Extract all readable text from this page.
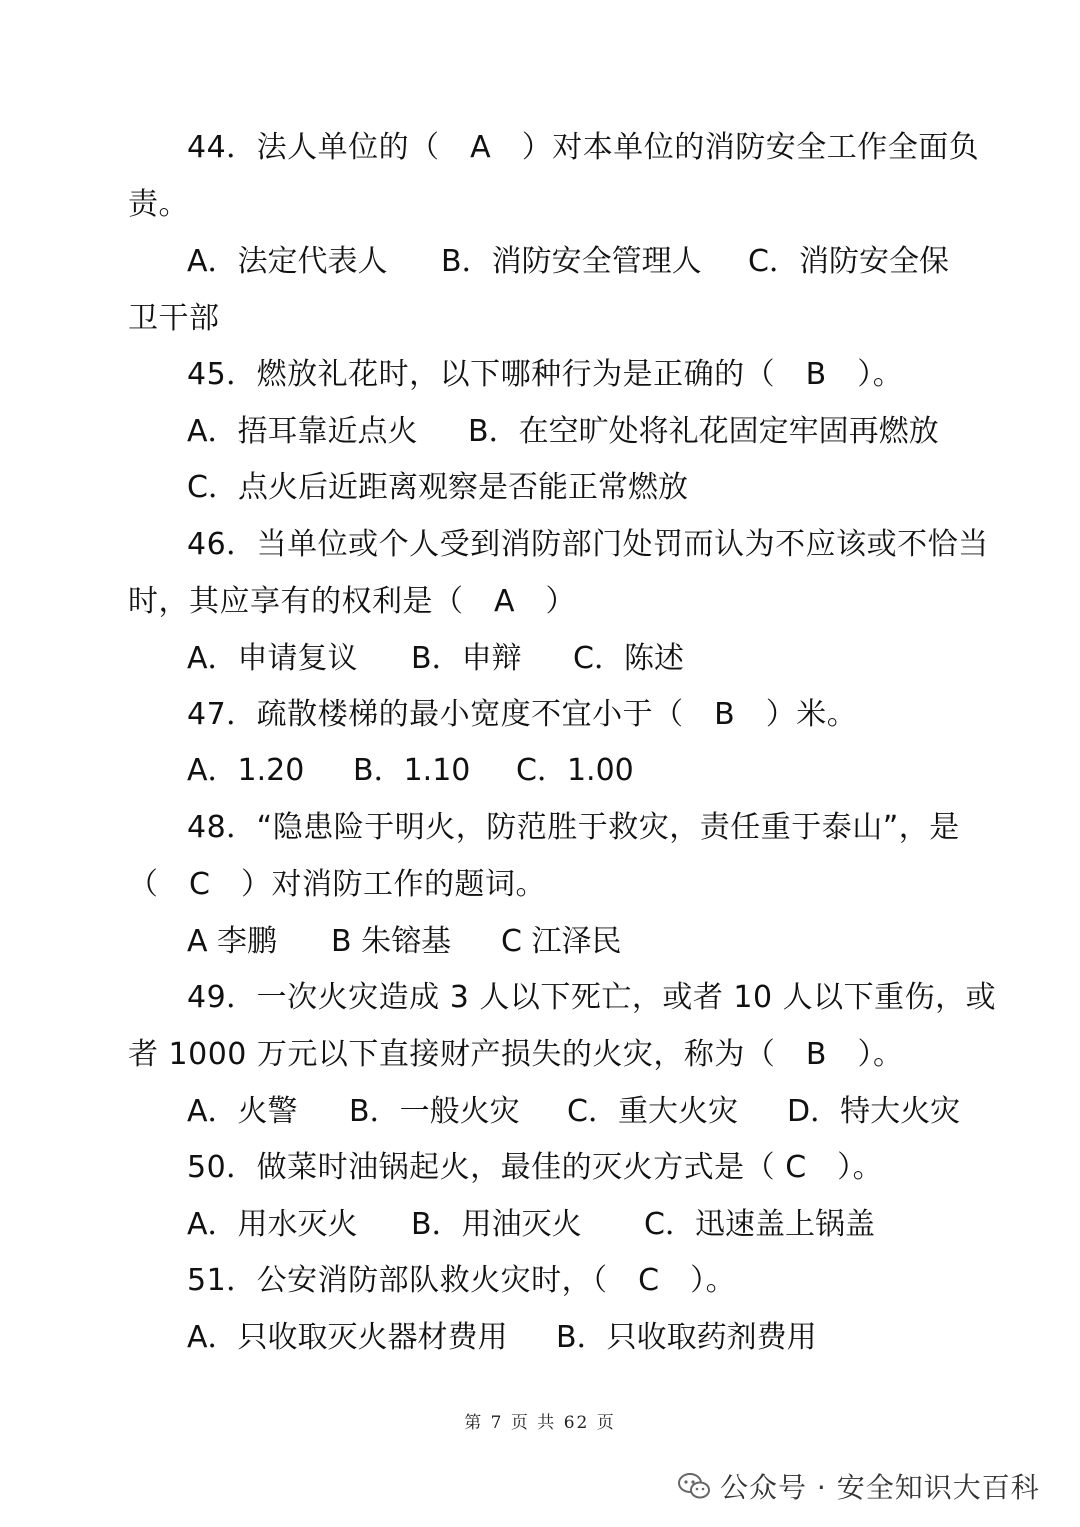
44．法人单位的（　A　）对本单位的消防安全工作全面负
责。

A．法定代表人

B．消防安全管理人

C．消防安全保

卫干部
45．燃放礼花时，以下哪种行为是正确的（　B　）。

A．捂耳靠近点火

B．在空旷处将礼花固定牢固再燃放

C．点火后近距离观察是否能正常燃放

46．当单位或个人受到消防部门处罚而认为不应该或不恰当
时，其应享有的权利是（　A　）

A．申请复议

B．申辩

C．陈述

47．疏散楼梯的最小宽度不宜小于（　B　）米。

A．1.20

B．1.10

C．1.00

48．“隐患险于明火，防范胜于救灾，责任重于泰山”，是
（　C　）对消防工作的题词。

A 李鹏

B 朱镕基

C 江泽民

49．一次火灾造成 3 人以下死亡，或者 10 人以下重伤，或
者 1000 万元以下直接财产损失的火灾，称为（　B　）。

A．火警

B．一般火灾

C．重大火灾

D．特大火灾

50．做菜时油锅起火，最佳的灭火方式是（ C　）。

A．用水灭火

B．用油灭火

C．迅速盖上锅盖

51．公安消防部队救火灾时，（　C　）。

A．只收取灭火器材费用

B．只收取药剂费用

第 7 页 共 62 页
公众号 · 安全知识大百科
